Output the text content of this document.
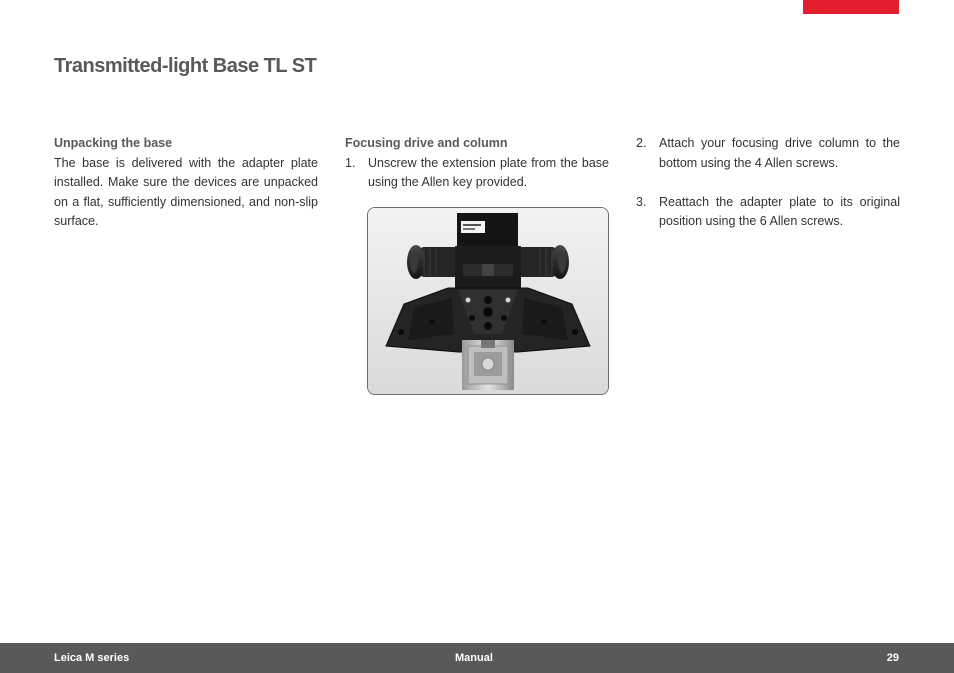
Transmitted-light Base TL ST

Unpacking the base

The base is delivered with the adapter plate installed. Make sure the devices are unpacked on a flat, sufficiently dimensioned, and non-slip surface.

Focusing drive and column

1.	Unscrew the extension plate from the base using the Allen key provided.
2.	Attach your focusing drive column to the bottom using the 4 Allen screws.
3.	Reattach the adapter plate to its original position using the 6 Allen screws.
Leica M series	Manual	29
